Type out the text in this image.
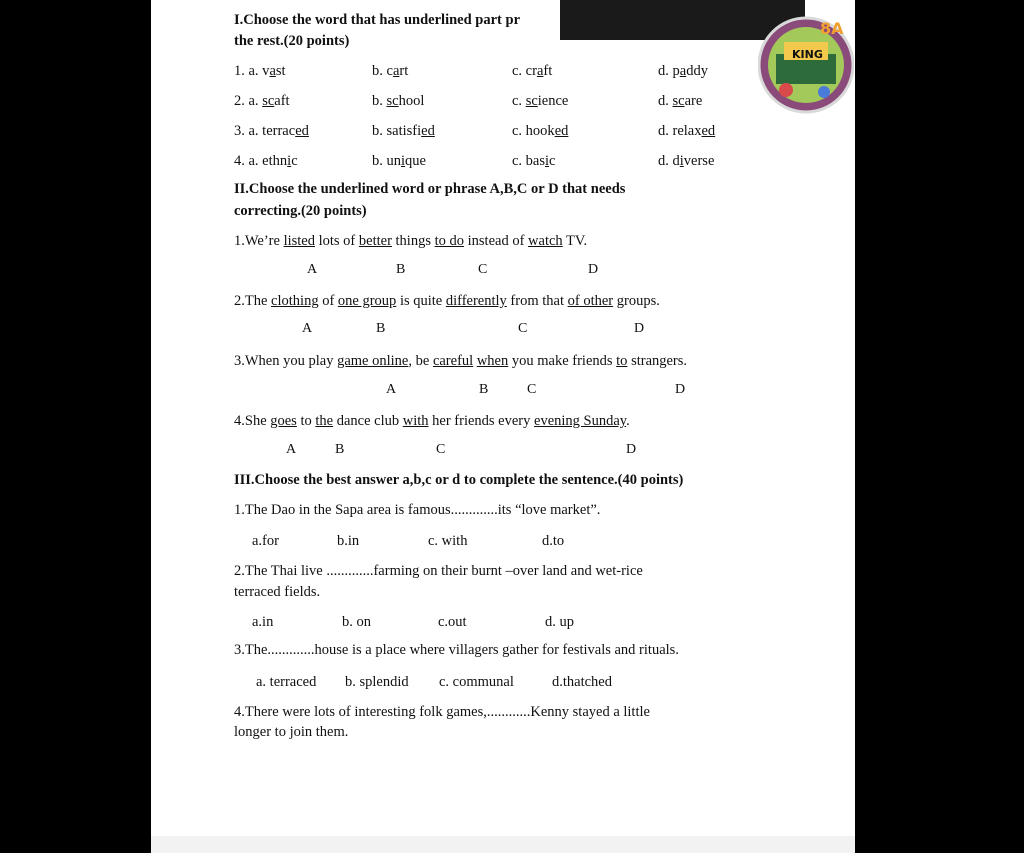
I.Choose the word that has underlined part pr
the rest.(20 points)
1. a. vast	b. cart	c. craft	d. paddy
2. a. scaft	b. school	c. science	d. scare
3. a. terraced	b. satisfied	c. hooked	d. relaxed
4. a. ethnic	b. unique	c. basic	d. diverse
II.Choose the underlined word or phrase A,B,C or D that needs
correcting.(20 points)
1.We’re listed lots of better things to do instead of watch TV.
2.The clothing of one group is quite differently from that of other groups.
3.When you play game online, be careful when you make friends to strangers.
4.She goes to the dance club with her friends every evening Sunday.
A	B	C	D
A	B	C	D
A	B	C	D
A	B	C	D
III.Choose the best answer a,b,c or d to complete the sentence.(40 points)
1.The Dao in the Sapa area is famous.............its “love market”.
a.for	b.in	c. with	d.to
2.The Thai live .............farming on their burnt –over land and wet-rice
terraced fields.
a.in	b. on	c.out	d. up
3.The.............house is a place where villagers gather for festivals and rituals.
a. terraced b. splendid c. communal	d.thatched
4.There were lots of interesting folk games,............Kenny stayed a little
longer to join them.
8A
KING
